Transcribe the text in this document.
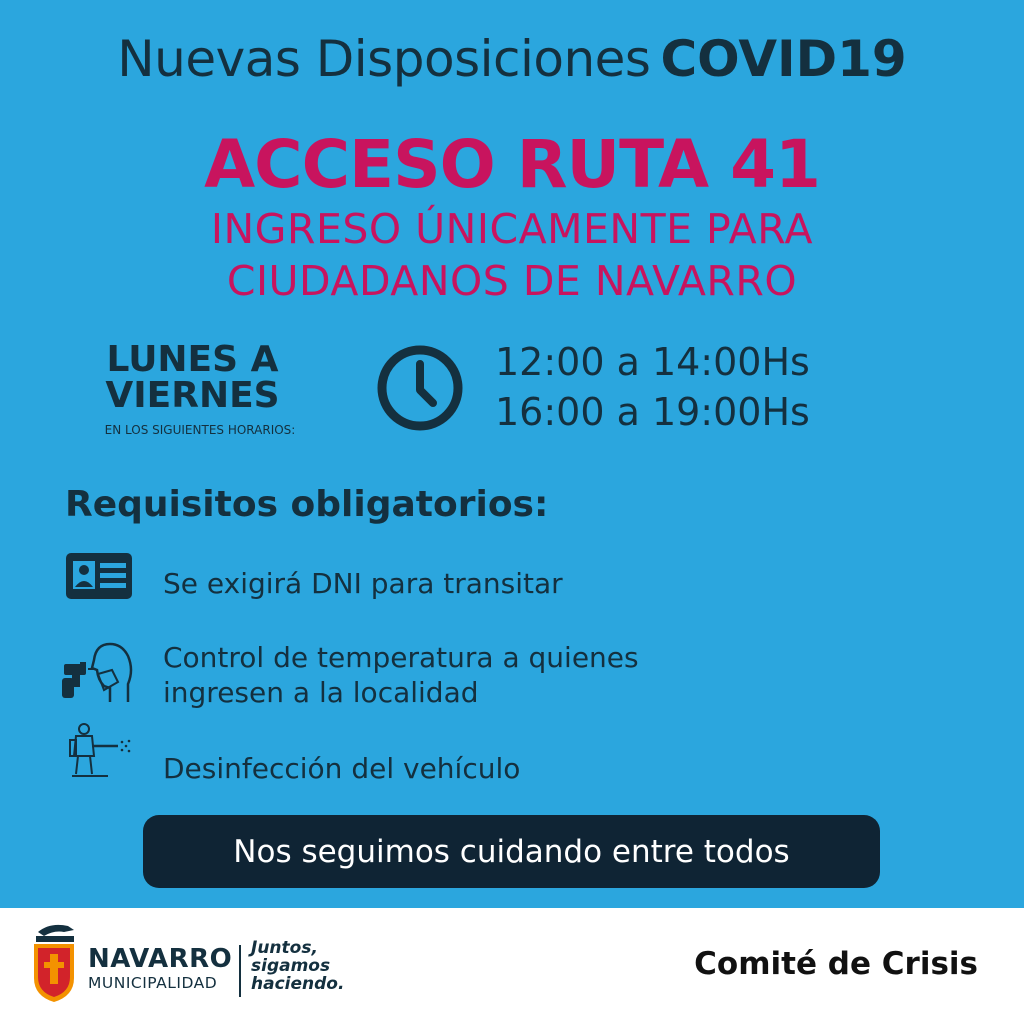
Nuevas Disposiciones COVID19
ACCESO RUTA 41
INGRESO ÚNICAMENTE PARA
CIUDADANOS DE NAVARRO
LUNES A
VIERNES
EN LOS SIGUIENTES HORARIOS:
12:00 a 14:00Hs
16:00 a 19:00Hs
Requisitos obligatorios:
Se exigirá DNI para transitar
Control de temperatura a quienes
ingresen a la localidad
Desinfección del vehículo
Nos seguimos cuidando entre todos
NAVARRO
MUNICIPALIDAD
Juntos,
sigamos
haciendo.
Comité de Crisis
